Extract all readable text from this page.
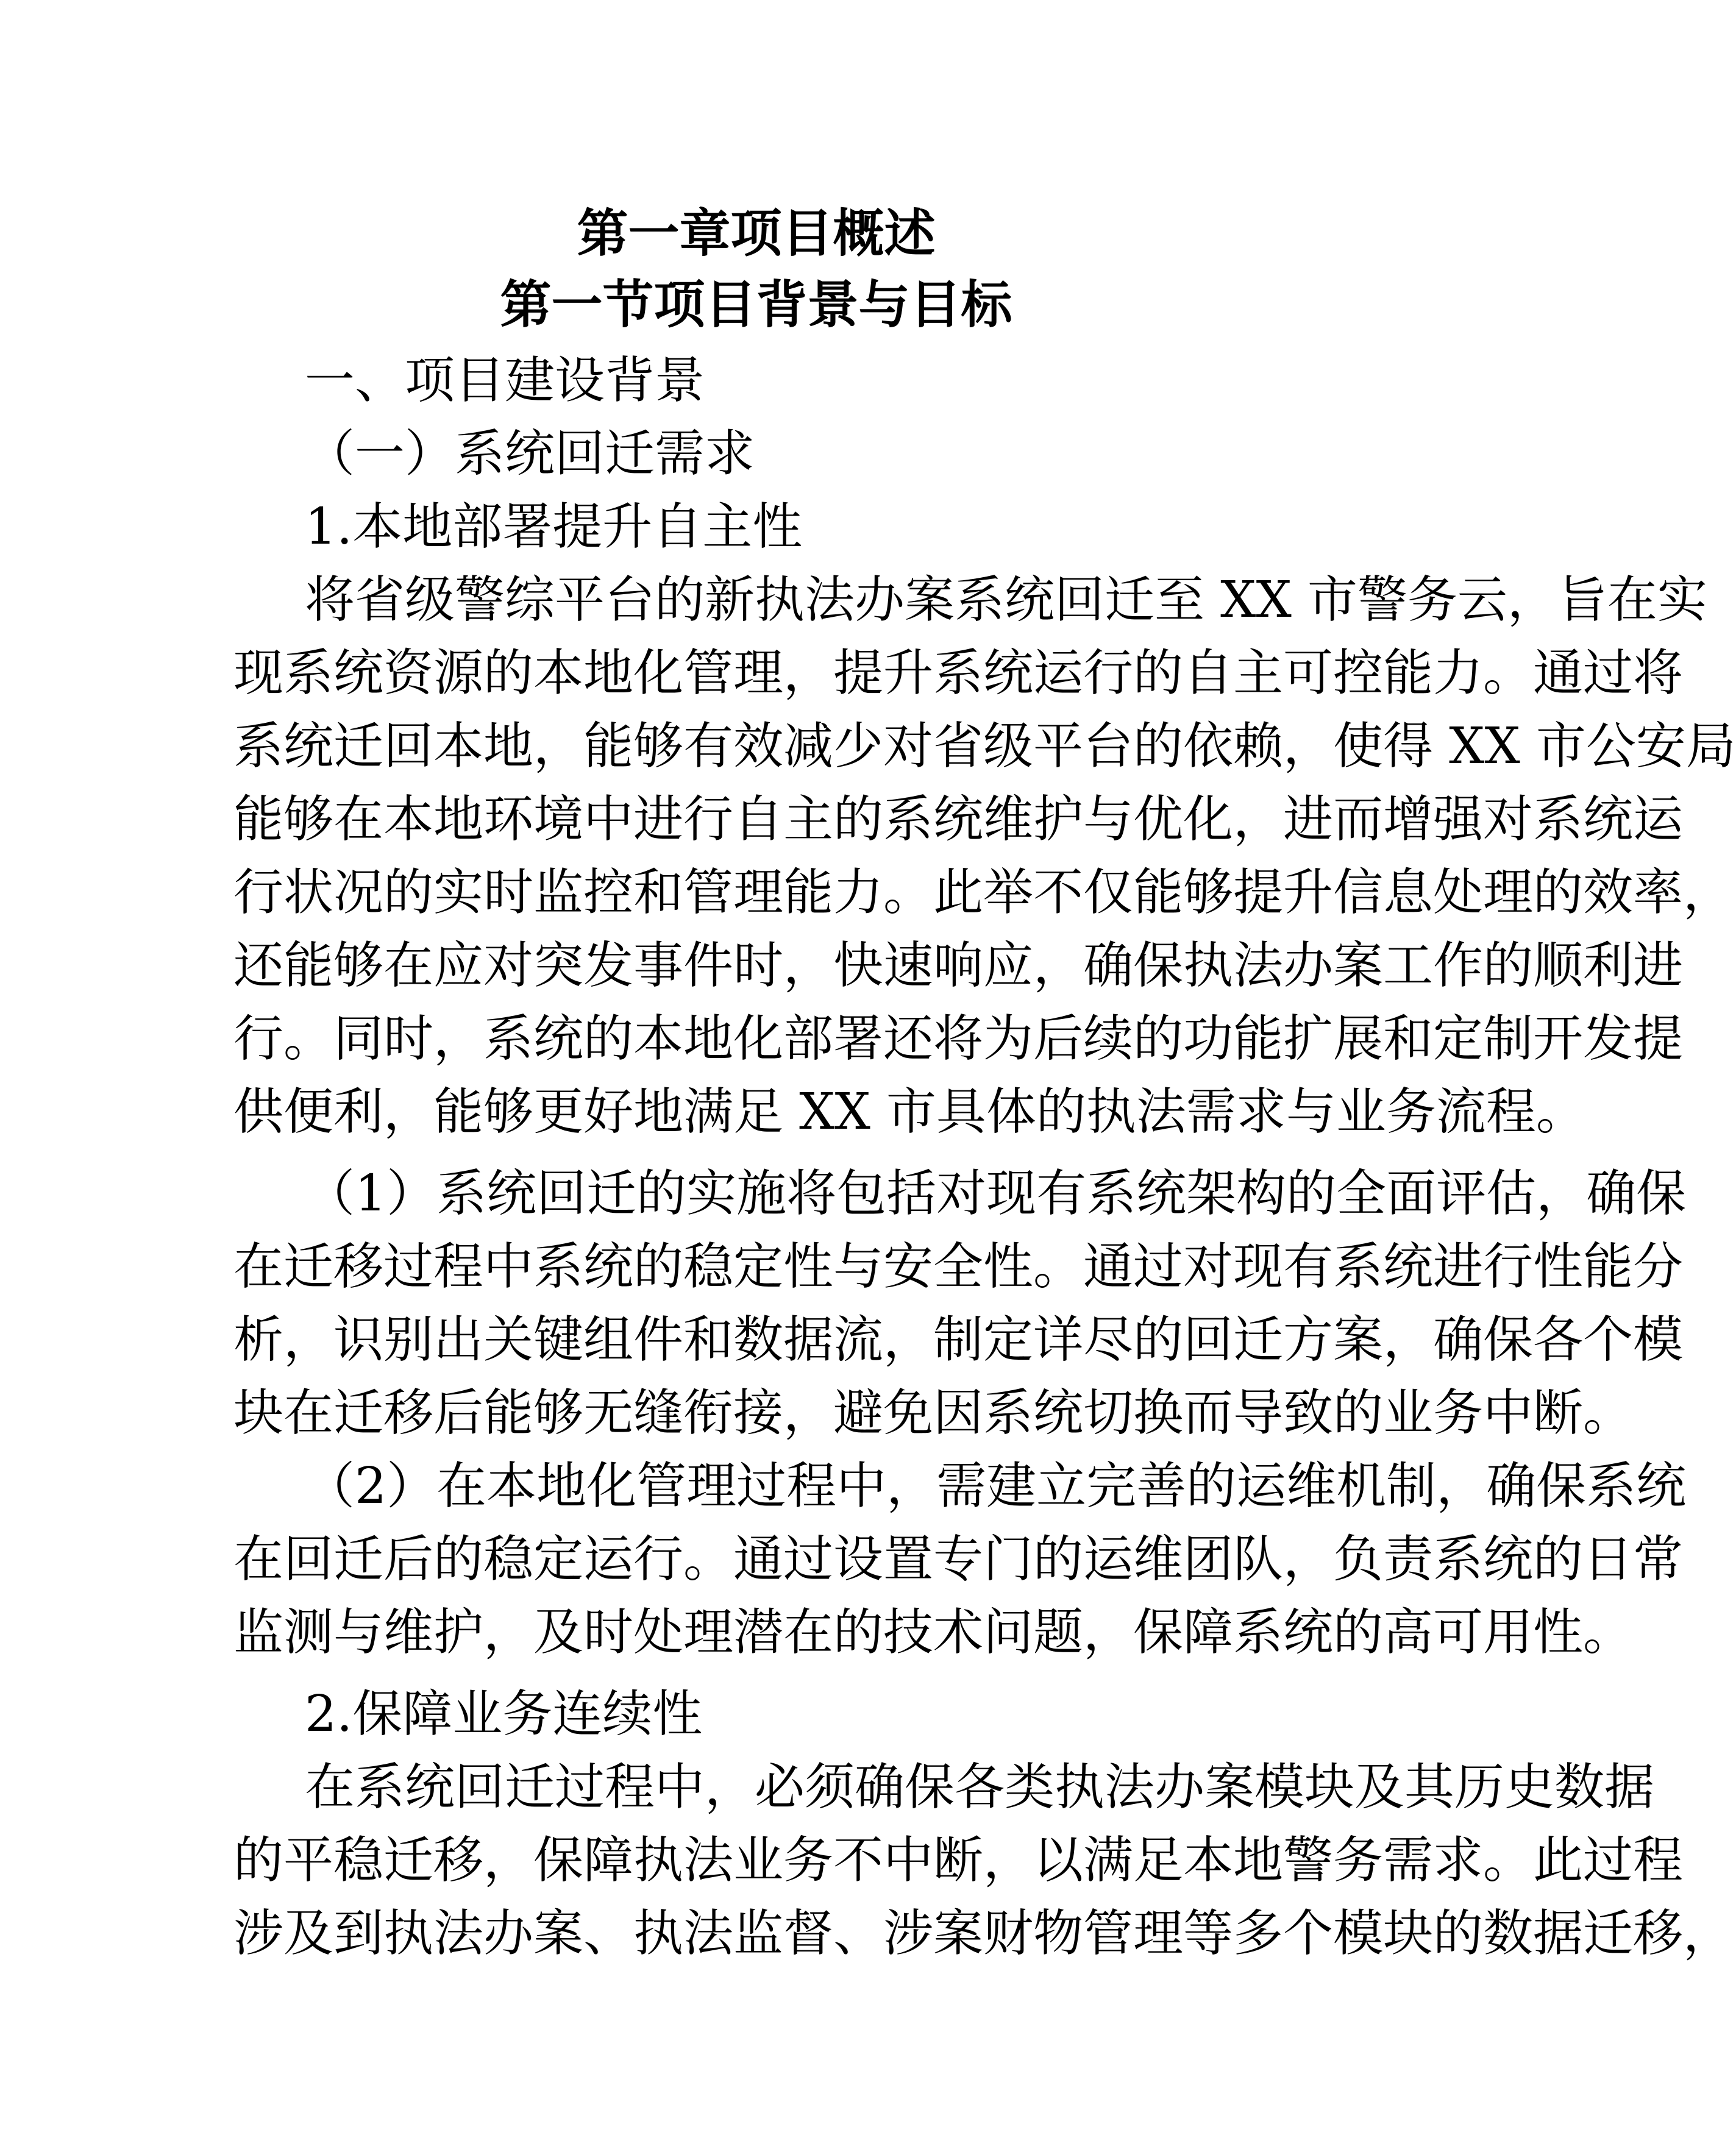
第一章项目概述
第一节项目背景与目标
一、项目建设背景
（一）系统回迁需求
1.本地部署提升自主性
将省级警综平台的新执法办案系统回迁至 XX 市警务云，旨在实
现系统资源的本地化管理，提升系统运行的自主可控能力。通过将
系统迁回本地，能够有效减少对省级平台的依赖，使得 XX 市公安局
能够在本地环境中进行自主的系统维护与优化，进而增强对系统运
行状况的实时监控和管理能力。此举不仅能够提升信息处理的效率，
还能够在应对突发事件时，快速响应，确保执法办案工作的顺利进
行。同时，系统的本地化部署还将为后续的功能扩展和定制开发提
供便利，能够更好地满足 XX 市具体的执法需求与业务流程。
（1）系统回迁的实施将包括对现有系统架构的全面评估，确保
在迁移过程中系统的稳定性与安全性。通过对现有系统进行性能分
析，识别出关键组件和数据流，制定详尽的回迁方案，确保各个模
块在迁移后能够无缝衔接，避免因系统切换而导致的业务中断。
（2）在本地化管理过程中，需建立完善的运维机制，确保系统
在回迁后的稳定运行。通过设置专门的运维团队，负责系统的日常
监测与维护，及时处理潜在的技术问题，保障系统的高可用性。
2.保障业务连续性
在系统回迁过程中，必须确保各类执法办案模块及其历史数据
的平稳迁移，保障执法业务不中断，以满足本地警务需求。此过程
涉及到执法办案、执法监督、涉案财物管理等多个模块的数据迁移，
